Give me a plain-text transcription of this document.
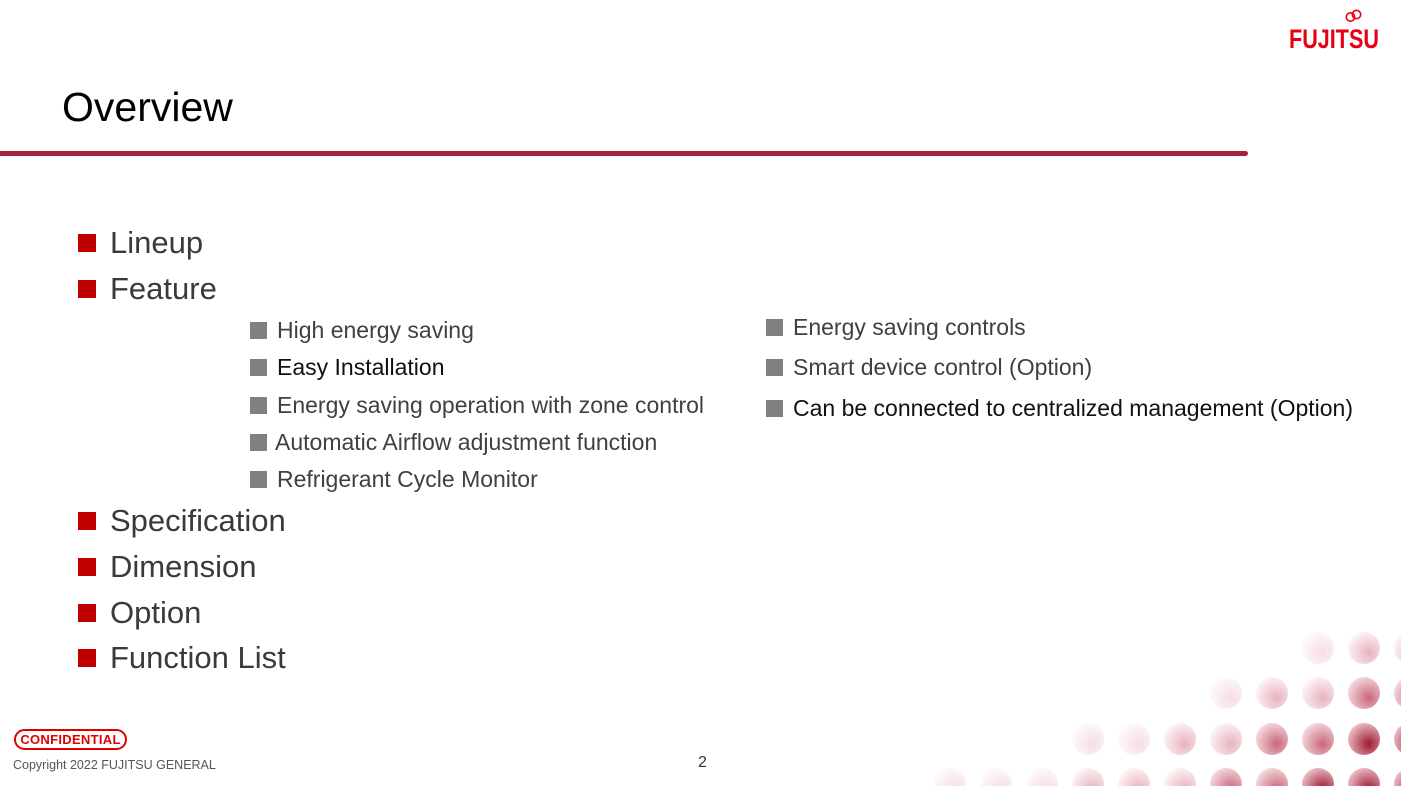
FUJITSU
Overview
Lineup
Feature
High energy saving
Easy Installation
Energy saving operation with zone control
Automatic Airflow adjustment function
Refrigerant Cycle Monitor
Energy saving controls
Smart device control (Option)
Can be connected to centralized management (Option)
Specification
Dimension
Option
Function List
CONFIDENTIAL
Copyright 2022 FUJITSU GENERAL	2
